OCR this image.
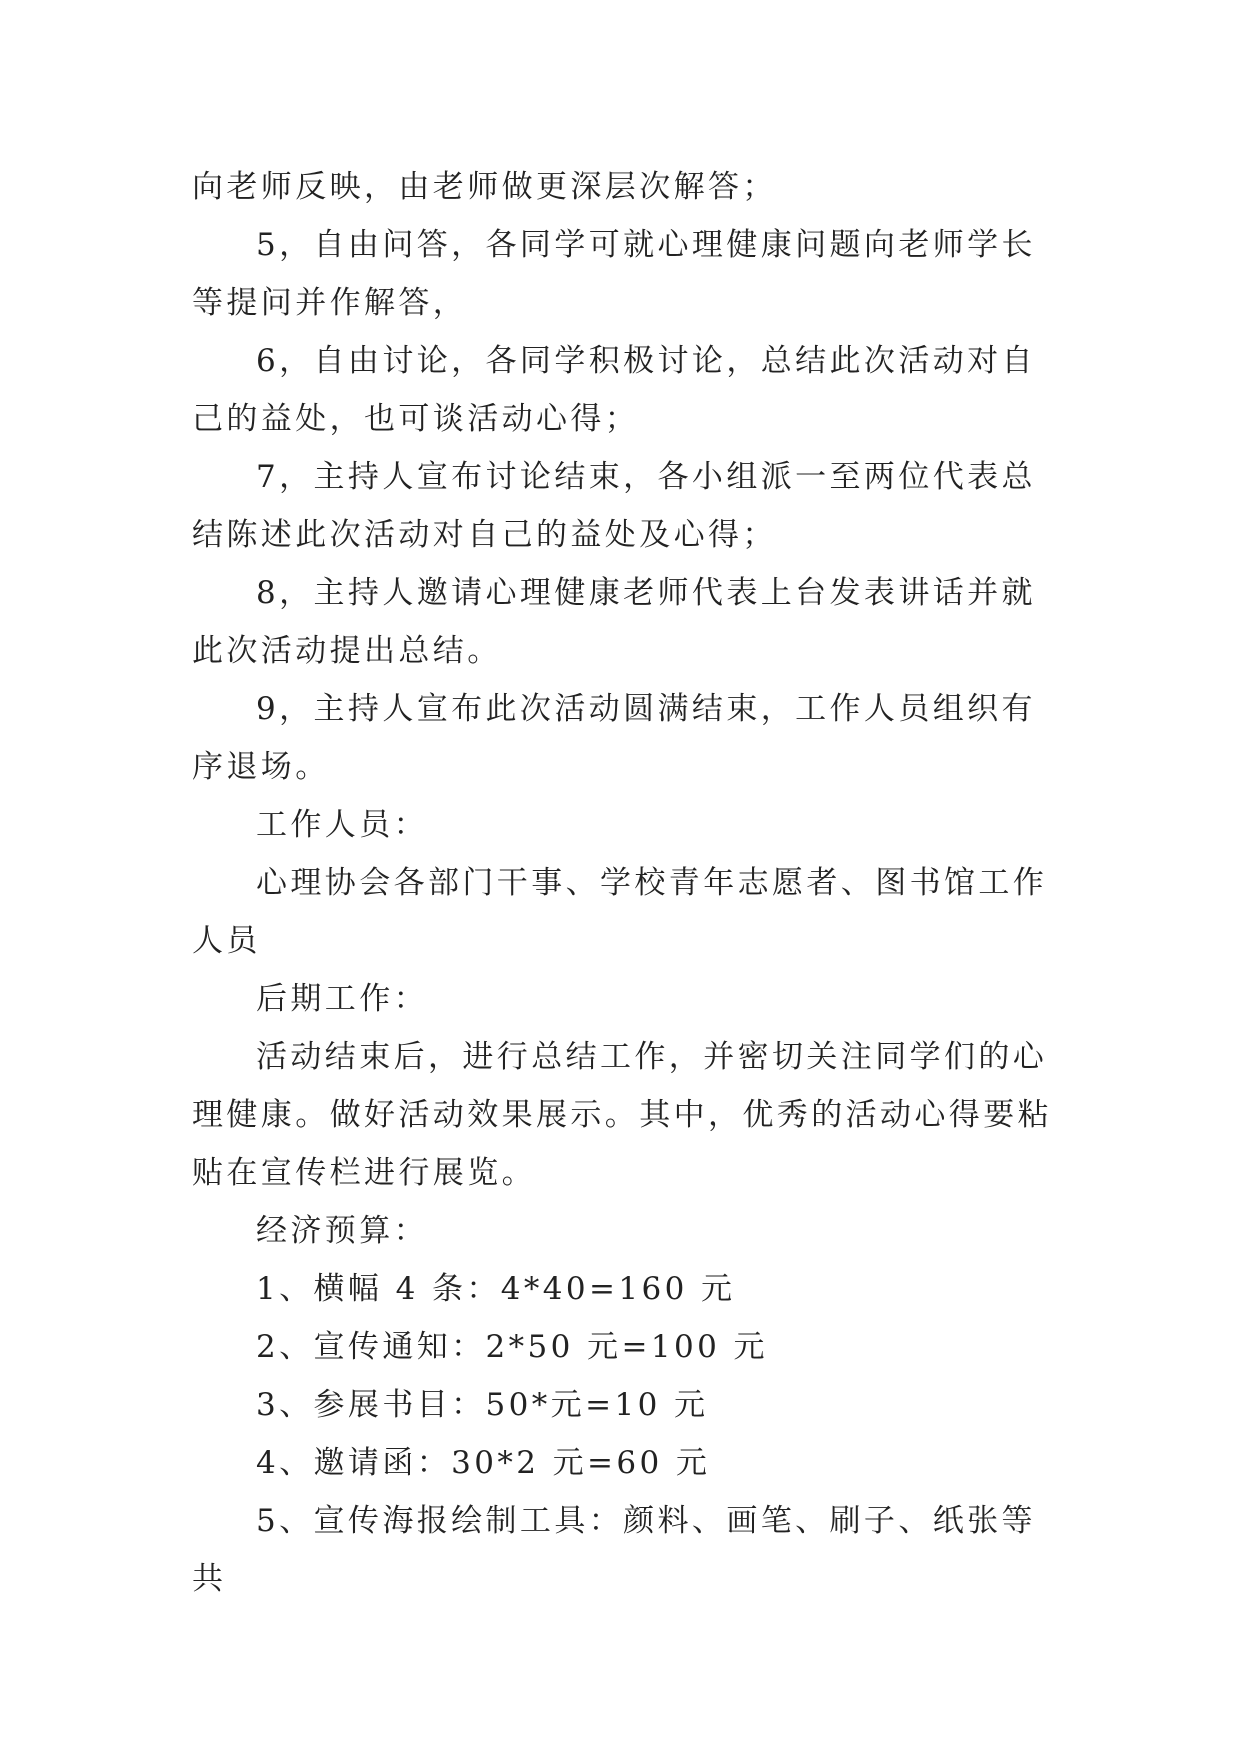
向老师反映，由老师做更深层次解答；

5，自由问答，各同学可就心理健康问题向老师学长等提问并作解答，

6，自由讨论，各同学积极讨论，总结此次活动对自己的益处，也可谈活动心得；

7，主持人宣布讨论结束，各小组派一至两位代表总结陈述此次活动对自己的益处及心得；

8，主持人邀请心理健康老师代表上台发表讲话并就此次活动提出总结。

9，主持人宣布此次活动圆满结束，工作人员组织有序退场。

工作人员：

心理协会各部门干事、学校青年志愿者、图书馆工作人员

后期工作：

活动结束后，进行总结工作，并密切关注同学们的心理健康。做好活动效果展示。其中，优秀的活动心得要粘贴在宣传栏进行展览。

经济预算：

1、横幅 4 条：4*40=160 元

2、宣传通知：2*50 元=100 元

3、参展书目：50*元=10 元

4、邀请函：30*2 元=60 元

5、宣传海报绘制工具：颜料、画笔、刷子、纸张等共
